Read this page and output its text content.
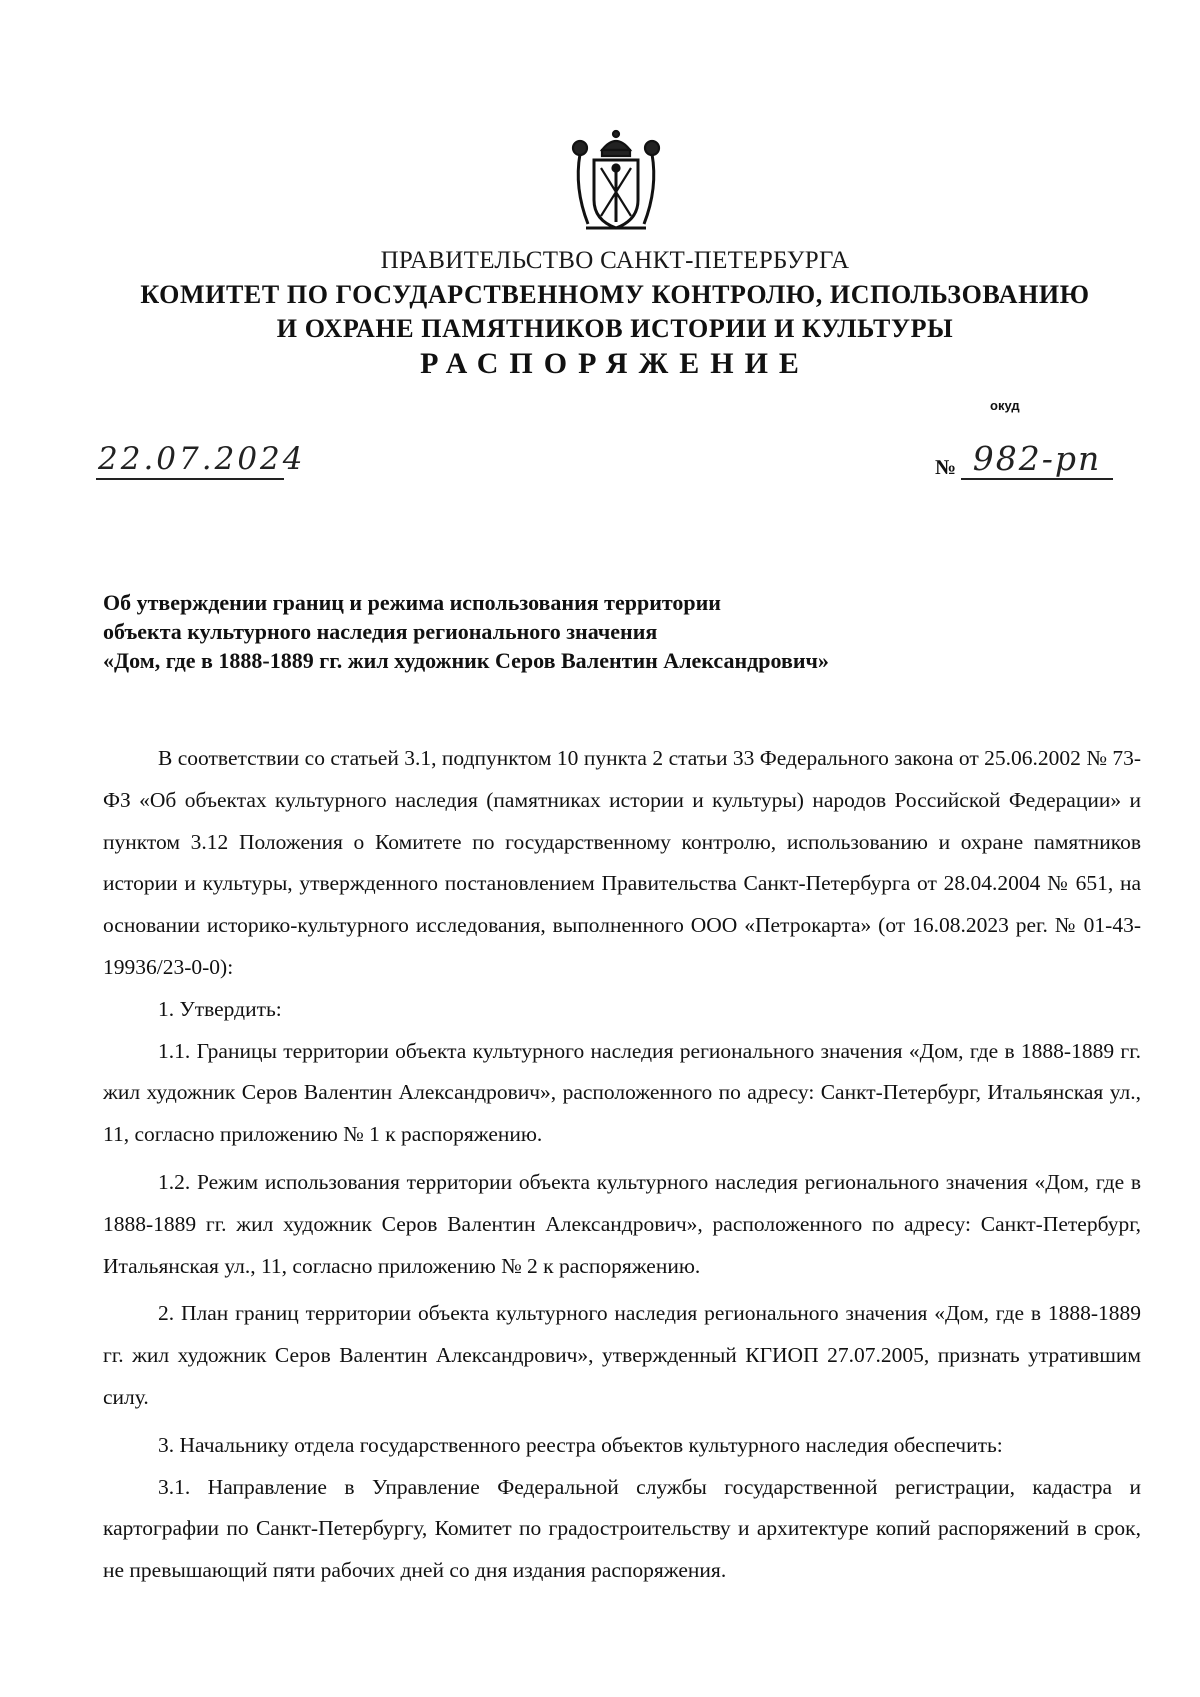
ПРАВИТЕЛЬСТВО САНКТ-ПЕТЕРБУРГА
КОМИТЕТ ПО ГОСУДАРСТВЕННОМУ КОНТРОЛЮ, ИСПОЛЬЗОВАНИЮ
И ОХРАНЕ ПАМЯТНИКОВ ИСТОРИИ И КУЛЬТУРЫ
РАСПОРЯЖЕНИЕ
окуд
22.07.2024	№ 982-рп
Об утверждении границ и режима использования территории
объекта культурного наследия регионального значения
«Дом, где в 1888-1889 гг. жил художник Серов Валентин Александрович»

В соответствии со статьей 3.1, подпунктом 10 пункта 2 статьи 33 Федерального закона от 25.06.2002 № 73-ФЗ «Об объектах культурного наследия (памятниках истории и культуры) народов Российской Федерации» и пунктом 3.12 Положения о Комитете по государственному контролю, использованию и охране памятников истории и культуры, утвержденного постановлением Правительства Санкт-Петербурга от 28.04.2004 № 651, на основании историко-культурного исследования, выполненного ООО «Петрокарта» (от 16.08.2023 рег. № 01-43-19936/23-0-0):

1. Утвердить:

1.1. Границы территории объекта культурного наследия регионального значения «Дом, где в 1888-1889 гг. жил художник Серов Валентин Александрович», расположенного по адресу: Санкт-Петербург, Итальянская ул., 11, согласно приложению № 1 к распоряжению.

1.2. Режим использования территории объекта культурного наследия регионального значения «Дом, где в 1888-1889 гг. жил художник Серов Валентин Александрович», расположенного по адресу: Санкт-Петербург, Итальянская ул., 11, согласно приложению № 2 к распоряжению.

2. План границ территории объекта культурного наследия регионального значения «Дом, где в 1888-1889 гг. жил художник Серов Валентин Александрович», утвержденный КГИОП 27.07.2005, признать утратившим силу.

3. Начальнику отдела государственного реестра объектов культурного наследия обеспечить:

3.1. Направление в Управление Федеральной службы государственной регистрации, кадастра и картографии по Санкт-Петербургу, Комитет по градостроительству и архитектуре копий распоряжений в срок, не превышающий пяти рабочих дней со дня издания распоряжения.
